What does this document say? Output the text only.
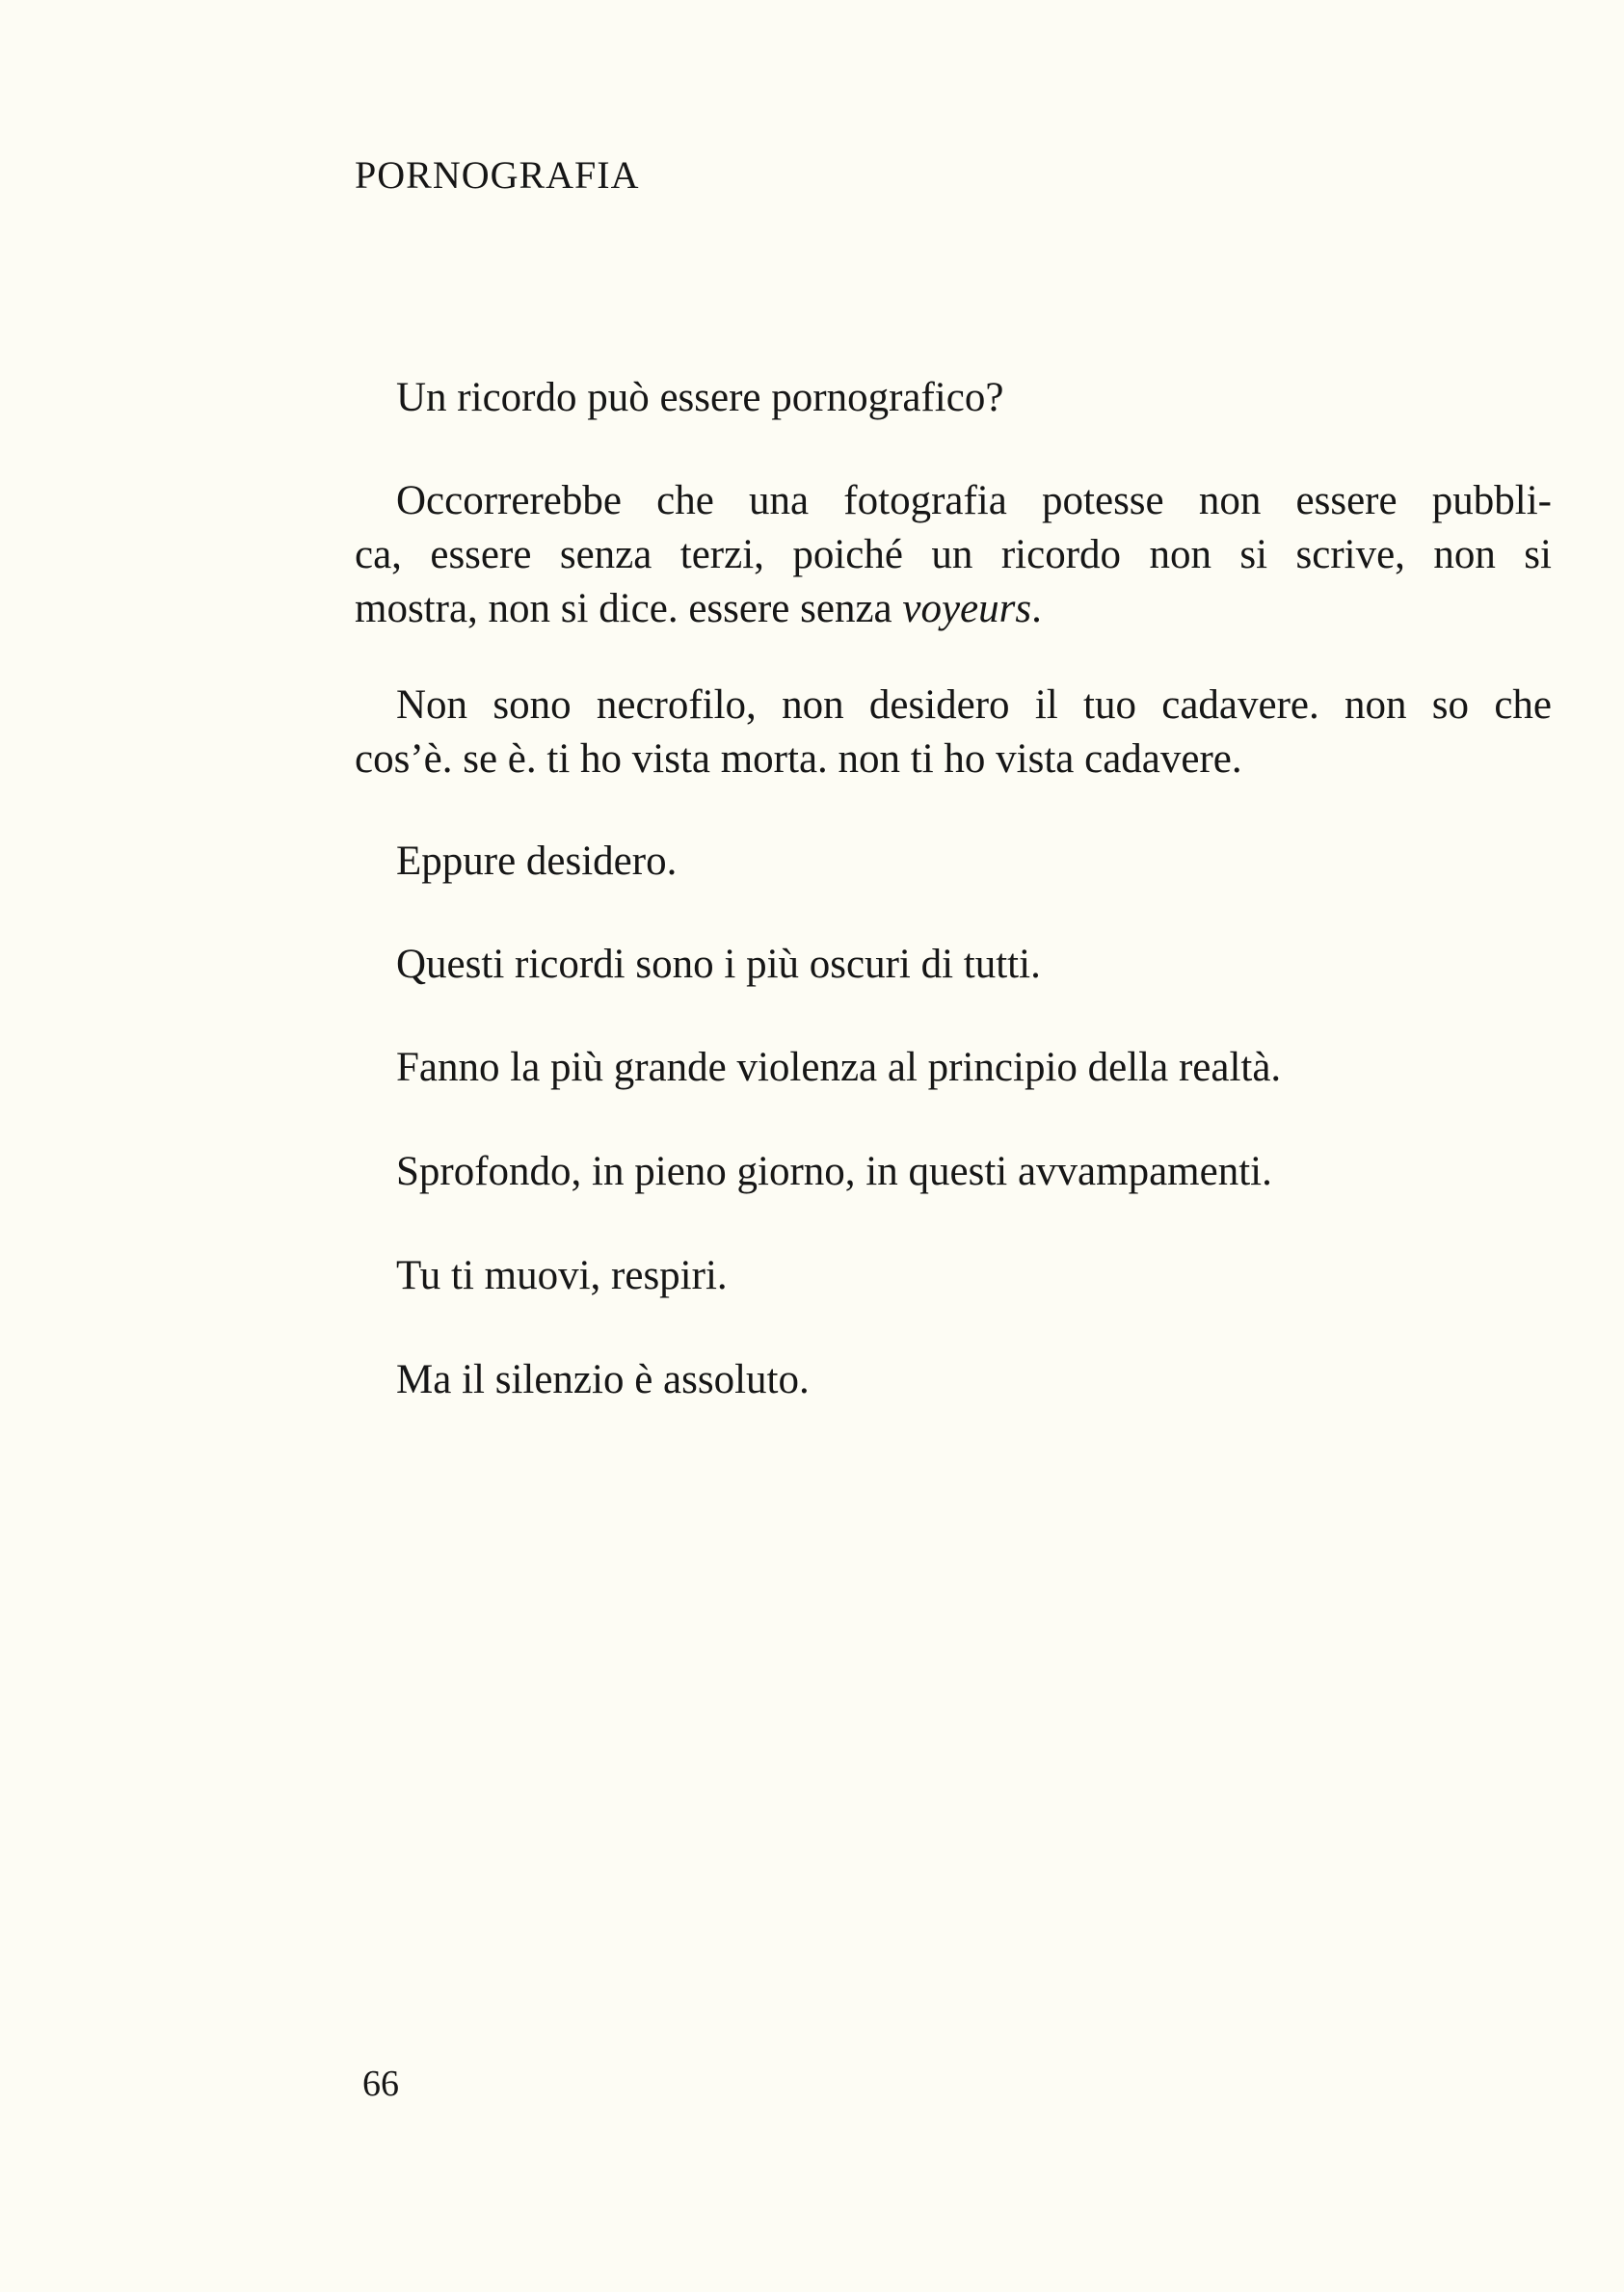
PORNOGRAFIA
Un ricordo può essere pornografico?
Occorrerebbe che una fotografia potesse non essere pubbli-
ca, essere senza terzi, poiché un ricordo non si scrive, non si
mostra, non si dice. essere senza voyeurs.
Non sono necrofilo, non desidero il tuo cadavere. non so che
cos’è. se è. ti ho vista morta. non ti ho vista cadavere.
Eppure desidero.
Questi ricordi sono i più oscuri di tutti.
Fanno la più grande violenza al principio della realtà.
Sprofondo, in pieno giorno, in questi avvampamenti.
Tu ti muovi, respiri.
Ma il silenzio è assoluto.
66
